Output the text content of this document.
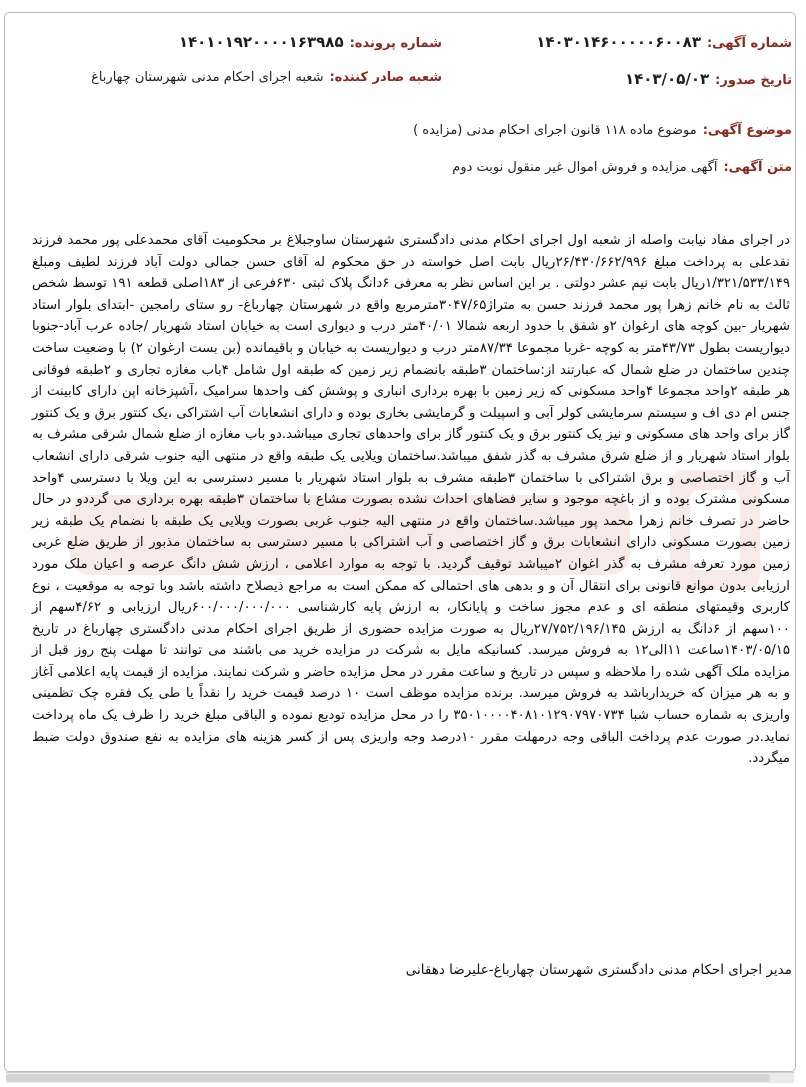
شماره آگهی:
۱۴۰۳۰۱۴۶۰۰۰۰۰۶۰۰۸۳
شماره پرونده:
۱۴۰۱۰۱۹۲۰۰۰۰۱۶۳۹۸۵
تاریخ صدور:
۱۴۰۳/۰۵/۰۳
شعبه صادر کننده:
شعبه اجرای احکام مدنی شهرستان چهارباغ
موضوع آگهی:
موضوع ماده ۱۱۸ قانون اجرای احکام مدنی (مزایده )
متن آگهی:
آگهی مزایده و فروش اموال غیر منقول نوبت دوم

در اجرای مفاد نیابت واصله از شعبه اول اجرای احکام مدنی دادگستری شهرستان ساوجبلاغ بر محکومیت آقای محمدعلی پور محمد فرزند نقدعلی به پرداخت مبلغ ۲۶/۴۳۰/۶۶۲/۹۹۶ریال بابت اصل خواسته در حق محکوم له آقای حسن جمالی دولت آباد فرزند لطیف ومبلغ ۱/۳۲۱/۵۳۳/۱۴۹ریال بابت نیم عشر دولتی . بر این اساس نظر به معرفی ۶دانگ پلاک ثبتی ۶۳۰فرعی از ۱۸۳اصلی قطعه ۱۹۱ توسط شخص ثالث به نام خانم زهرا پور محمد فرزند حسن به متراژ۳۰۴۷/۶۵مترمربع واقع در شهرستان چهارباغ- رو ستای رامجین -ابتدای بلوار استاد شهریار -بین کوچه های ارغوان ۲و شفق با حدود اربعه شمالا ۴۰/۰۱متر درب و دیواری است به خیابان استاد شهریار /جاده عرب آباد-جنوبا دیواریست بطول ۴۳/۷۳متر به کوچه -غربا مجموعا ۸۷/۳۴متر درب و دیواریست به خیابان و باقیمانده (بن بست ارغوان ۲) با وضعیت ساخت چندین ساختمان در ضلع شمال که عبارتند از:ساختمان ۳طبقه بانضمام زیر زمین که طبقه اول شامل ۴باب مغازه تجاری و ۲طبقه فوقانی هر طبقه ۲واحد مجموعا ۴واحد مسکونی که زیر زمین با بهره برداری انباری و پوشش کف واحدها سرامیک ،آشپزخانه اپن دارای کابینت از جنس ام دی اف و سیستم سرمایشی کولر آبی و اسپیلت و گرمایشی بخاری بوده و دارای انشعابات آب اشتراکی ،یک کنتور برق و یک کنتور گاز برای واحد های مسکونی و نیز یک کنتور برق و یک کنتور گاز برای واحدهای تجاری میباشد.دو باب مغازه از ضلع شمال شرقی مشرف به بلوار استاد شهریار و از ضلع شرق مشرف به گذر شفق میباشد.ساختمان ویلایی یک طبقه واقع در منتهی الیه جنوب شرقی دارای انشعاب آب و گاز اختصاصی و برق اشتراکی با ساختمان ۳طبقه مشرف به بلوار استاد شهریار با مسیر دسترسی به این ویلا با دسترسی ۴واحد مسکونی مشترک بوده و از باغچه موجود و سایر فضاهای احداث نشده بصورت مشاع با ساختمان ۳طبقه بهره برداری می گرددو در حال حاضر در تصرف خانم زهرا محمد پور میباشد.ساختمان واقع در منتهی الیه جنوب غربی بصورت ویلایی یک طبقه با نضمام یک طبقه زیر زمین بصورت مسکونی دارای انشعابات برق و گاز اختصاصی و آب اشتراکی با مسیر دسترسی به ساختمان مذبور از طریق ضلع غربی زمین مورد تعرفه مشرف به گذر اغوان ۲میباشد توقیف گردید. با توجه به موارد اعلامی ، ارزش شش دانگ عرصه و اعیان ملک مورد ارزیابی بدون موانع قانونی برای انتقال آن و و بدهی های احتمالی که ممکن است به مراجع ذیصلاح داشته باشد وبا توجه به موقعیت ، نوع کاربری وقیمتهای منطقه ای و عدم مجوز ساخت و پایانکار، به ارزش پایه کارشناسی ۶۰۰/۰۰۰/۰۰۰/۰۰۰ریال ارزیابی و ۴/۶۲سهم از ۱۰۰سهم از ۶دانگ به ارزش ۲۷/۷۵۲/۱۹۶/۱۴۵ریال به صورت مزایده حضوری از طریق اجرای احکام مدنی دادگستری چهارباغ در تاریخ ۱۴۰۳/۰۵/۱۵ساعت ۱۱الی۱۲ به فروش میرسد. کسانیکه مایل به شرکت در مزایده خرید می باشند می توانند تا مهلت پنج روز قبل از مزایده ملک آگهی شده را ملاحظه و سپس در تاریخ و ساعت مقرر در محل مزایده حاضر و شرکت نمایند. مزایده از قیمت پایه اعلامی آغاز و به هر میزان که خریدارباشد به فروش میرسد. برنده مزایده موظف است ۱۰ درصد قیمت خرید را نقداً یا طی یک فقره چک تظمینی واریزی به شماره حساب شبا ۳۵۰۱۰۰۰۰۴۰۸۱۰۱۲۹۰۷۹۷۰۷۳۴ را در محل مزایده تودیع نموده و الباقی مبلغ خرید را ظرف یک ماه پرداخت نماید.در صورت عدم پرداخت الباقی وجه درمهلت مقرر ۱۰درصد وجه واریزی پس از کسر هزینه های مزایده به نفع صندوق دولت ضبط میگردد.

مدیر اجرای احکام مدنی دادگستری شهرستان چهارباغ-علیرضا دهقانی
